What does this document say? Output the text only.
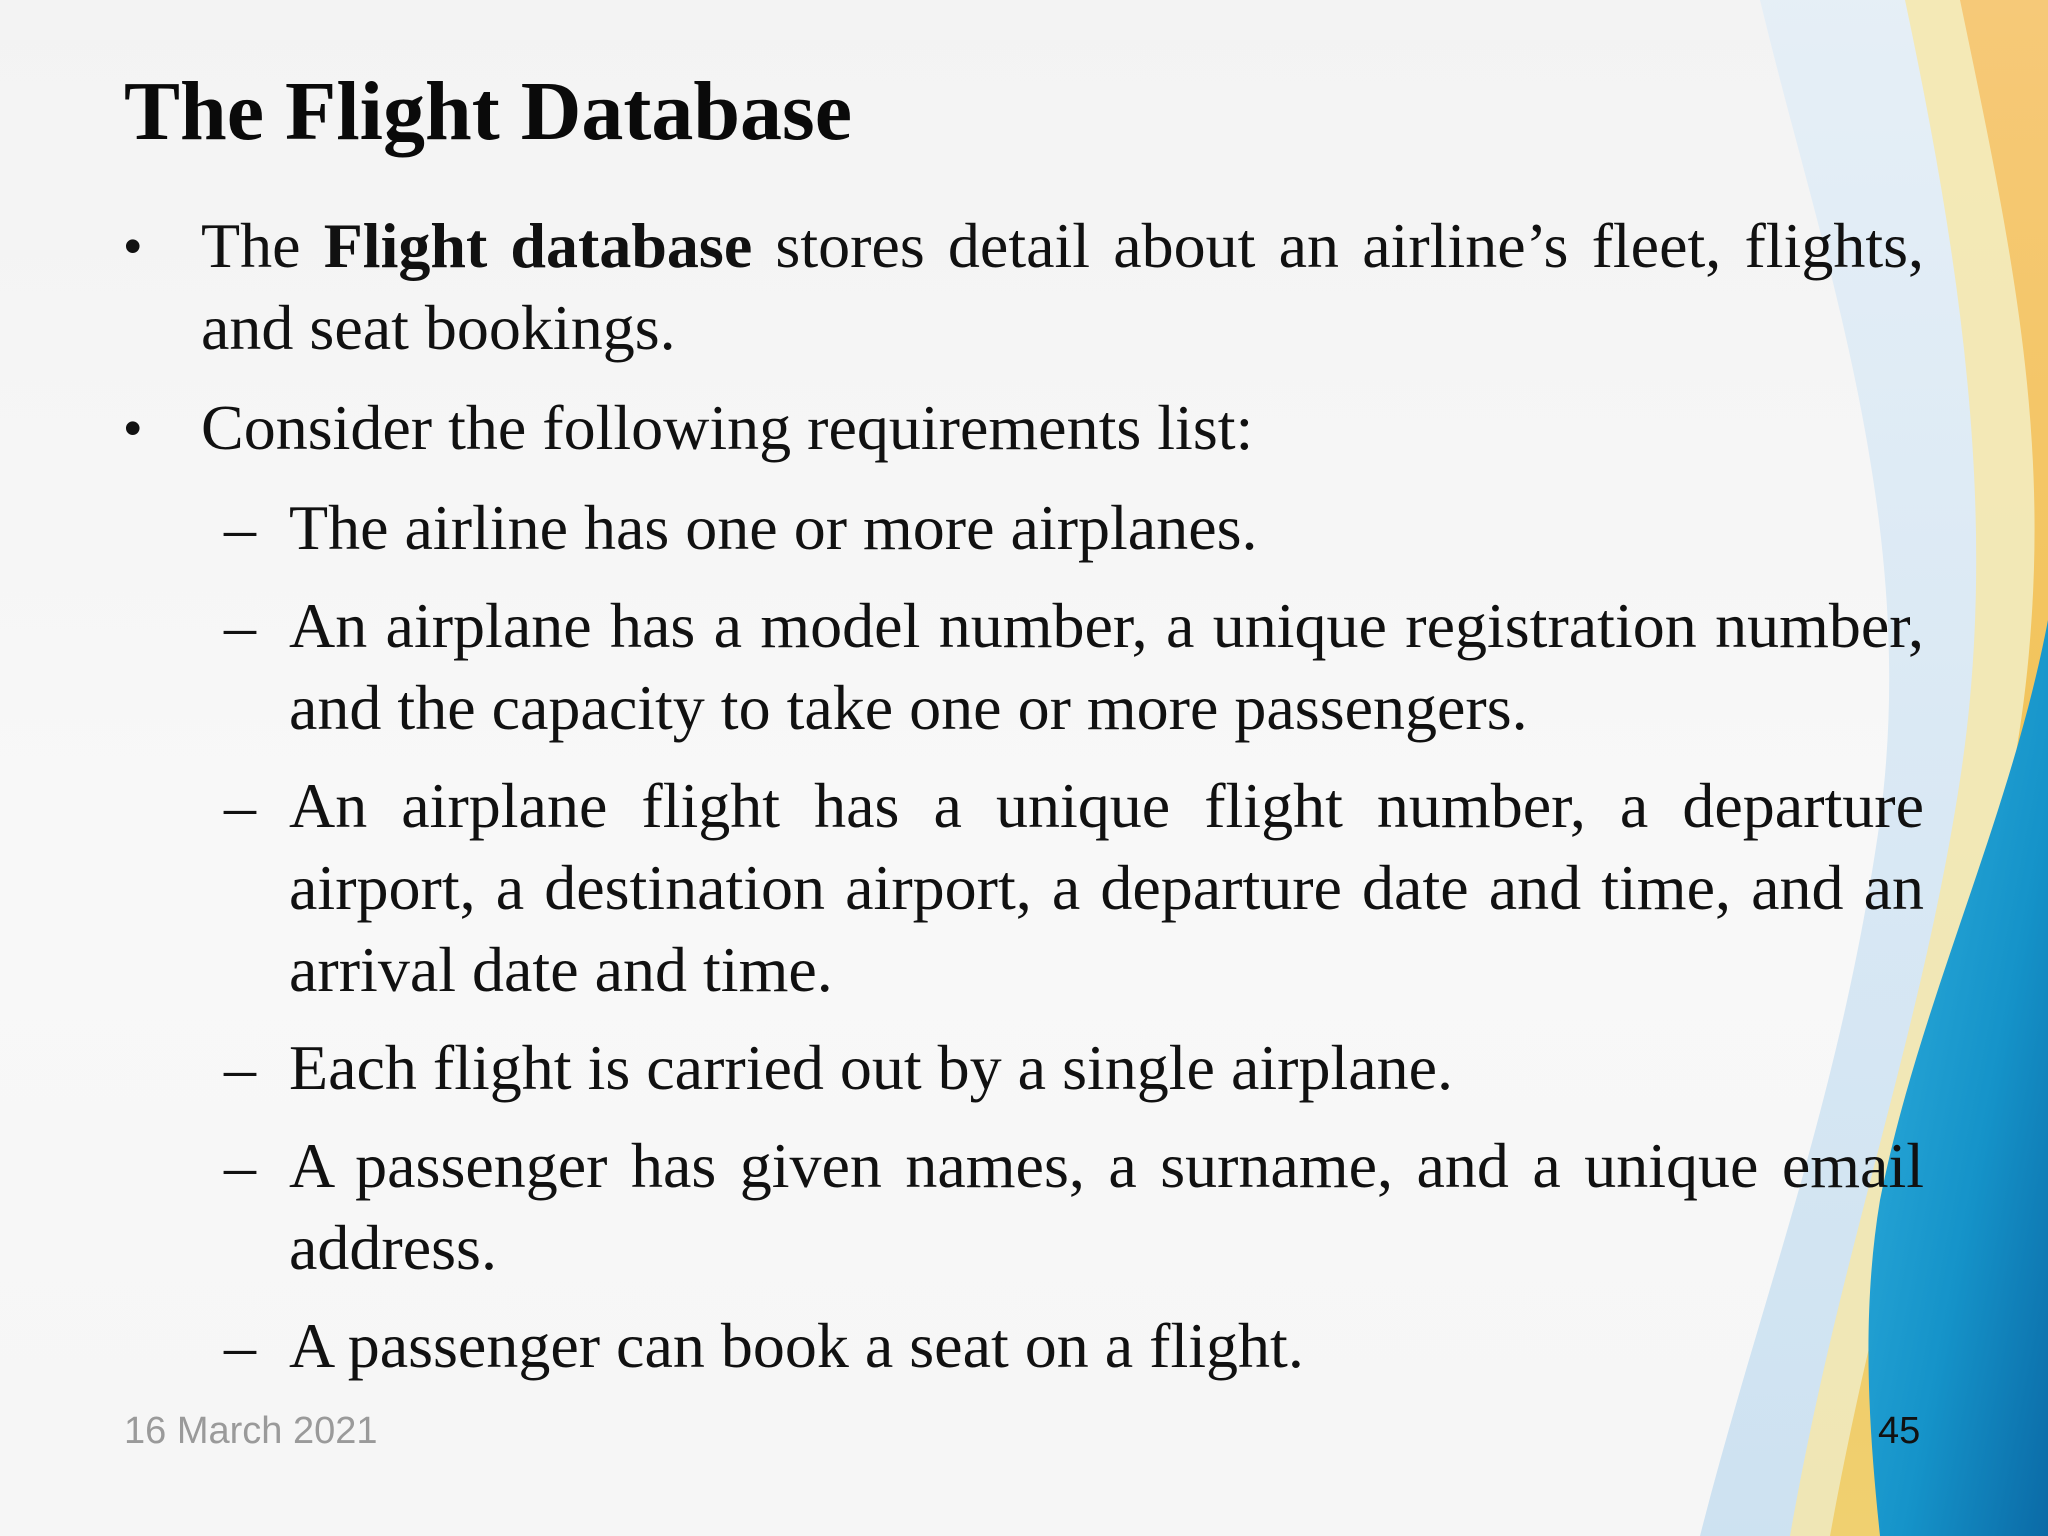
The Flight Database
• The Flight database stores detail about an airline’s fleet, flights, and seat bookings.
• Consider the following requirements list:
– The airline has one or more airplanes.
– An airplane has a model number, a unique registration number, and the capacity to take one or more passengers.
– An airplane flight has a unique flight number, a departure airport, a destination airport, a departure date and time, and an arrival date and time.
– Each flight is carried out by a single airplane.
– A passenger has given names, a surname, and a unique email address.
– A passenger can book a seat on a flight.
16 March 2021	45
